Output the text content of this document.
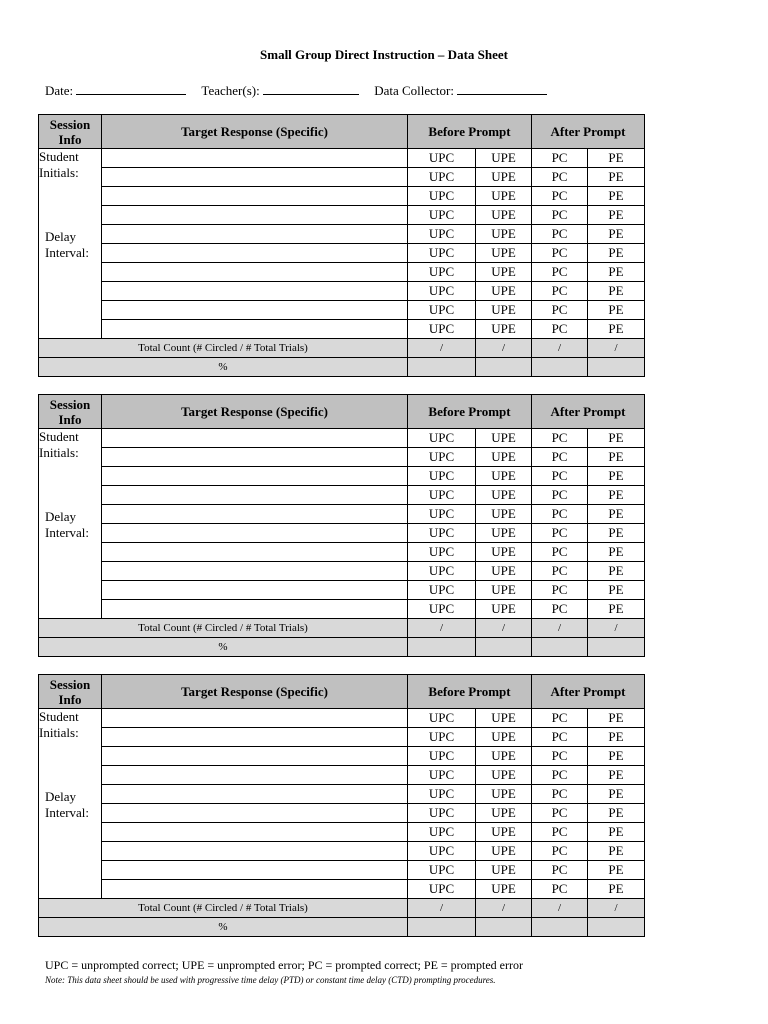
Small Group Direct Instruction – Data Sheet
Date:	Teacher(s):	Data Collector:
Session Info	Target Response (Specific)	Before Prompt		After Prompt	

Student Initials:
Delay Interval:		UPC	UPE	PC	PE
		UPC	UPE	PC	PE
		UPC	UPE	PC	PE
		UPC	UPE	PC	PE
		UPC	UPE	PC	PE
		UPC	UPE	PC	PE
		UPC	UPE	PC	PE
		UPC	UPE	PC	PE
		UPC	UPE	PC	PE
		UPC	UPE	PC	PE
Total Count (# Circled / # Total Trials)		/	/	/	/
%					
Session Info	Target Response (Specific)	Before Prompt		After Prompt	

Student Initials:
Delay Interval:		UPC	UPE	PC	PE
		UPC	UPE	PC	PE
		UPC	UPE	PC	PE
		UPC	UPE	PC	PE
		UPC	UPE	PC	PE
		UPC	UPE	PC	PE
		UPC	UPE	PC	PE
		UPC	UPE	PC	PE
		UPC	UPE	PC	PE
		UPC	UPE	PC	PE
Total Count (# Circled / # Total Trials)		/	/	/	/
%					
Session Info	Target Response (Specific)	Before Prompt		After Prompt	

Student Initials:
Delay Interval:		UPC	UPE	PC	PE
		UPC	UPE	PC	PE
		UPC	UPE	PC	PE
		UPC	UPE	PC	PE
		UPC	UPE	PC	PE
		UPC	UPE	PC	PE
		UPC	UPE	PC	PE
		UPC	UPE	PC	PE
		UPC	UPE	PC	PE
		UPC	UPE	PC	PE
Total Count (# Circled / # Total Trials)		/	/	/	/
%					
UPC = unprompted correct; UPE = unprompted error; PC = prompted correct; PE = prompted error
Note: This data sheet should be used with progressive time delay (PTD) or constant time delay (CTD) prompting procedures.
